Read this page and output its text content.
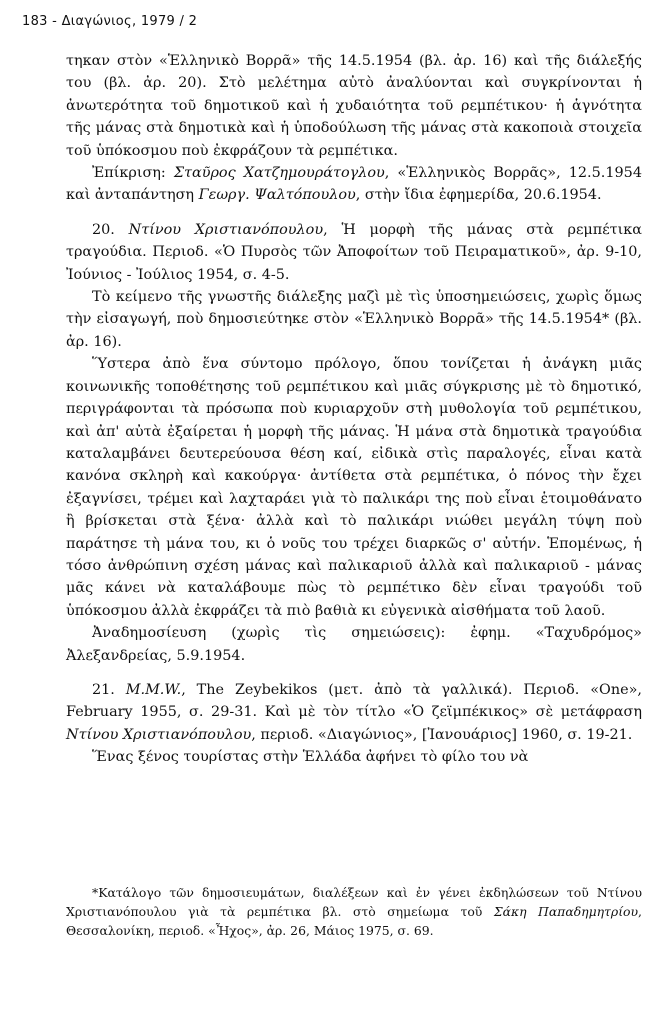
183 - Διαγώνιος, 1979 / 2

τηκαν στὸν «Ἑλληνικὸ Βορρᾶ» τῆς 14.5.1954 (βλ. ἀρ. 16) καὶ τῆς διάλεξής του (βλ. ἀρ. 20). Στὸ μελέτημα αὐτὸ ἀναλύονται καὶ συγκρίνονται ἡ ἀνωτερότητα τοῦ δημοτικοῦ καὶ ἡ χυδαιότητα τοῦ ρεμπέτικου· ἡ ἁγνότητα τῆς μάνας στὰ δημοτικὰ καὶ ἡ ὑποδούλωση τῆς μάνας στὰ κακοποιὰ στοιχεῖα τοῦ ὑπόκοσμου ποὺ ἐκφράζουν τὰ ρεμπέτικα.

Ἐπίκριση: Σταῦρος Χατζημουράτογλου, «Ἑλληνικὸς Βορρᾶς», 12.5.1954 καὶ ἀνταπάντηση Γεωργ. Ψαλτόπουλου, στὴν ἴδια ἐφημερίδα, 20.6.1954.

20. Ντίνου Χριστιανόπουλου, Ἡ μορφὴ τῆς μάνας στὰ ρεμπέτικα τραγούδια. Περιοδ. «Ὁ Πυρσὸς τῶν Ἀποφοίτων τοῦ Πειραματικοῦ», ἀρ. 9-10, Ἰούνιος - Ἰούλιος 1954, σ. 4-5.

Τὸ κείμενο τῆς γνωστῆς διάλεξης μαζὶ μὲ τὶς ὑποσημειώσεις, χωρὶς ὅμως τὴν εἰσαγωγή, ποὺ δημοσιεύτηκε στὸν «Ἑλληνικὸ Βορρᾶ» τῆς 14.5.1954* (βλ. ἀρ. 16).

Ὕστερα ἀπὸ ἕνα σύντομο πρόλογο, ὅπου τονίζεται ἡ ἀνάγκη μιᾶς κοινωνικῆς τοποθέτησης τοῦ ρεμπέτικου καὶ μιᾶς σύγκρισης μὲ τὸ δημοτικό, περιγράφονται τὰ πρόσωπα ποὺ κυριαρχοῦν στὴ μυθολογία τοῦ ρεμπέτικου, καὶ ἀπ' αὐτὰ ἐξαίρεται ἡ μορφὴ τῆς μάνας. Ἡ μάνα στὰ δημοτικὰ τραγούδια καταλαμβάνει δευτερεύουσα θέση καί, εἰδικὰ στὶς παραλογές, εἶναι κατὰ κανόνα σκληρὴ καὶ κακούργα· ἀντίθετα στὰ ρεμπέτικα, ὁ πόνος τὴν ἔχει ἐξαγνίσει, τρέμει καὶ λαχταράει γιὰ τὸ παλικάρι της ποὺ εἶναι ἑτοιμοθάνατο ἢ βρίσκεται στὰ ξένα· ἀλλὰ καὶ τὸ παλικάρι νιώθει μεγάλη τύψη ποὺ παράτησε τὴ μάνα του, κι ὁ νοῦς του τρέχει διαρκῶς σ' αὐτήν. Ἑπομένως, ἡ τόσο ἀνθρώπινη σχέση μάνας καὶ παλικαριοῦ ἀλλὰ καὶ παλικαριοῦ - μάνας μᾶς κάνει νὰ καταλάβουμε πὼς τὸ ρεμπέτικο δὲν εἶναι τραγούδι τοῦ ὑπόκοσμου ἀλλὰ ἐκφράζει τὰ πιὸ βαθιὰ κι εὐγενικὰ αἰσθήματα τοῦ λαοῦ.

Ἀναδημοσίευση (χωρὶς τὶς σημειώσεις): ἐφημ. «Ταχυδρόμος» Ἀλεξανδρείας, 5.9.1954.

21. M.M.W., The Zeybekikos (μετ. ἀπὸ τὰ γαλλικά). Περιοδ. «One», February 1955, σ. 29-31. Καὶ μὲ τὸν τίτλο «Ὁ ζεϊμπέκικος» σὲ μετάφραση Ντίνου Χριστιανόπουλου, περιοδ. «Διαγώνιος», [Ἰανουάριος] 1960, σ. 19-21.

Ἕνας ξένος τουρίστας στὴν Ἑλλάδα ἀφήνει τὸ φίλο του νὰ

*Κατάλογο τῶν δημοσιευμάτων, διαλέξεων καὶ ἐν γένει ἐκδηλώσεων τοῦ Ντίνου Χριστιανόπουλου γιὰ τὰ ρεμπέτικα βλ. στὸ σημείωμα τοῦ Σάκη Παπαδημητρίου, Θεσσαλονίκη, περιοδ. «Ἦχος», ἀρ. 26, Μάιος 1975, σ. 69.
